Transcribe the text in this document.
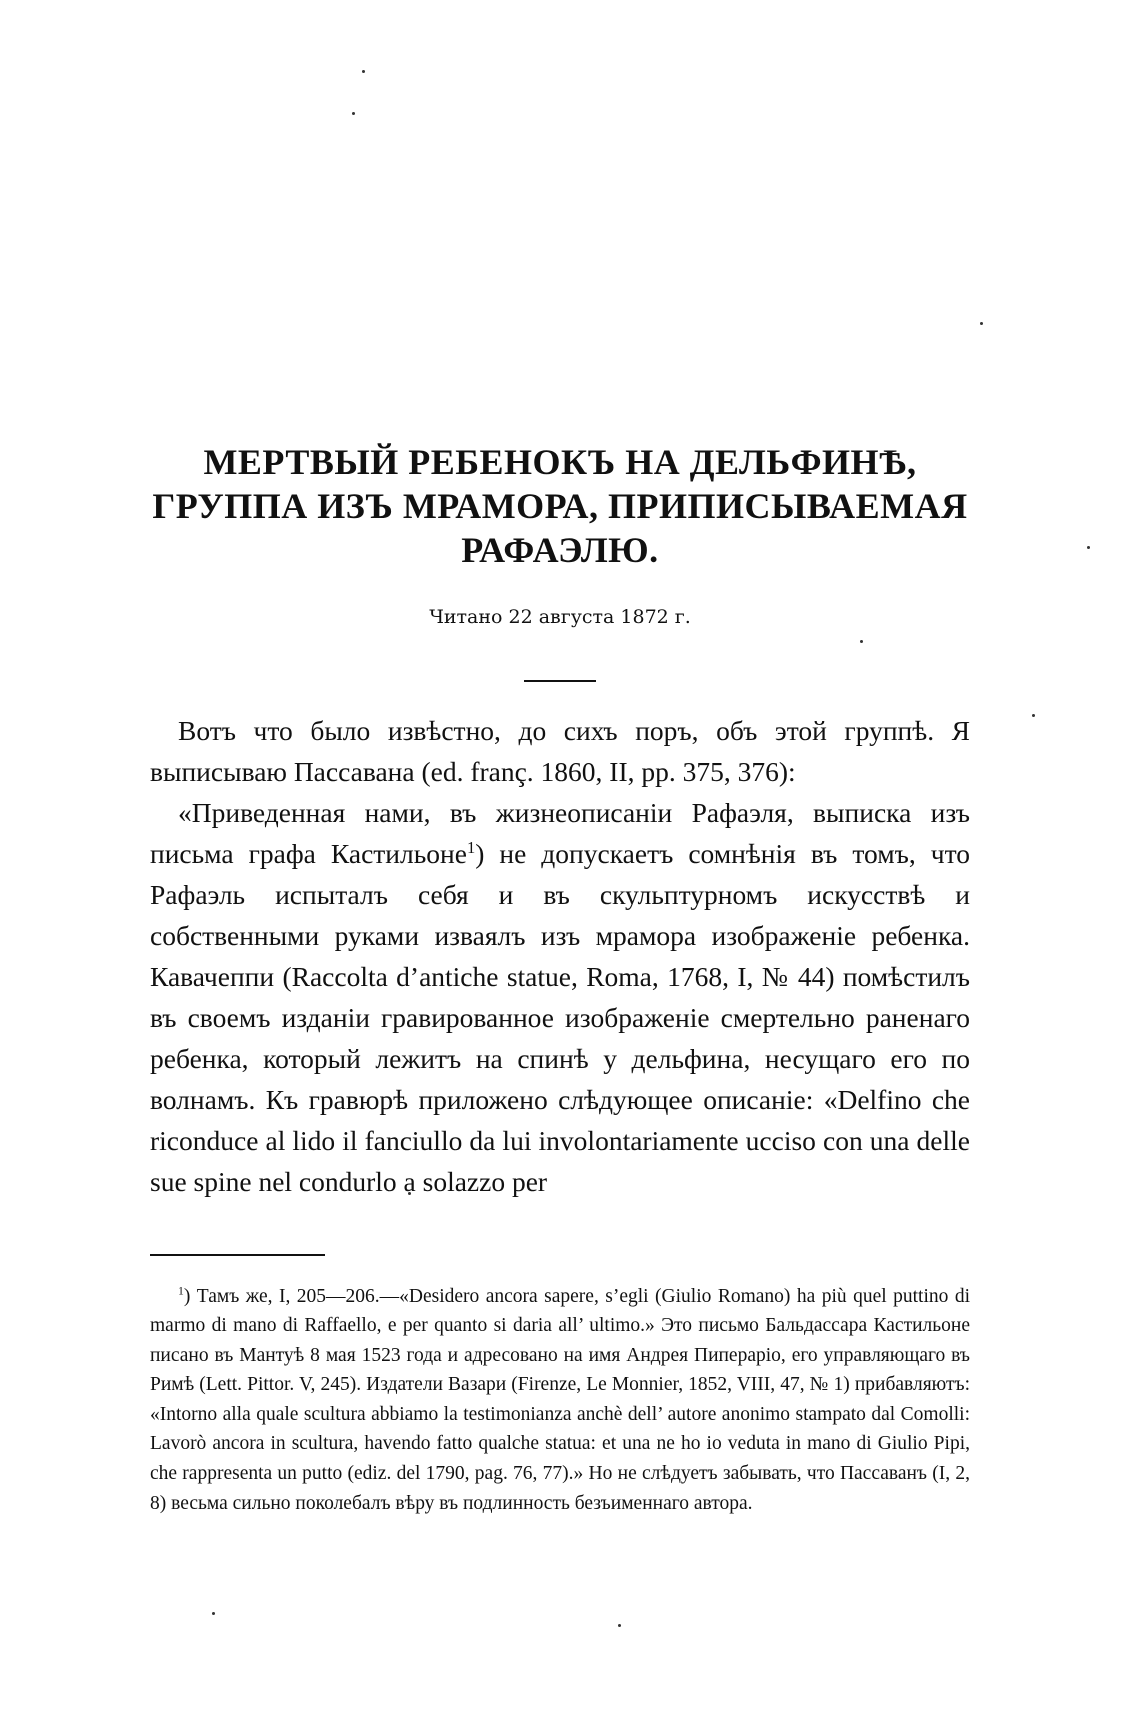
МЕРТВЫЙ РЕБЕНОКЪ НА ДЕЛЬФИНѢ, ГРУППА ИЗЪ МРАМОРА, ПРИПИСЫВАЕМАЯ РАФАЭЛЮ.
Читано 22 августа 1872 г.

Вотъ что было извѣстно, до сихъ поръ, объ этой группѣ. Я выписываю Пассавана (ed. franç. 1860, II, pp. 375, 376):

«Приведенная нами, въ жизнеописанiи Рафаэля, выписка изъ письма графа Кастильоне$^1$) не допускаетъ сомнѣнія въ томъ, что Рафаэль испыталъ себя и въ скульптурномъ искусствѣ и собственными руками изваялъ изъ мрамора изображенiе ребенка. Кавачеппи (Raccolta d’antiche statue, Roma, 1768, I, № 44) помѣстилъ въ своемъ изданiи гравированное изображенiе смертельно раненаго ребенка, который лежитъ на спинѣ у дельфина, несущаго его по волнамъ. Къ гравюрѣ приложено слѣдующее описанiе: «Delfino che riconduce al lido il fanciullo da lui involontariamente ucciso con una delle sue spine nel condurlo a solazzo per

$^1$) Тамъ же, I, 205—206.—«Desidero ancora sapere, s’egli (Giulio Romano) ha più quel puttino di marmo di mano di Raffaello, e per quanto si daria all’ ultimo.» Это письмо Бальдассара Кастильоне писано въ Мантуѣ 8 мая 1523 года и адресовано на имя Андрея Пиперарiо, его управляющаго въ Римѣ (Lett. Pittor. V, 245). Издатели Вазари (Firenze, Le Monnier, 1852, VIII, 47, № 1) прибавляютъ: «Intorno alla quale scultura abbiamo la testimonianza anchè dell’ autore anonimo stampato dal Comolli: Lavorò ancora in scultura, havendo fatto qualche statua: et una ne ho io veduta in mano di Giulio Pipi, che rappresenta un putto (ediz. del 1790, pag. 76, 77).» Но не слѣдуетъ забывать, что Пассаванъ (I, 2, 8) весьма сильно поколебалъ вѣру въ подлинность безъименнаго автора.
